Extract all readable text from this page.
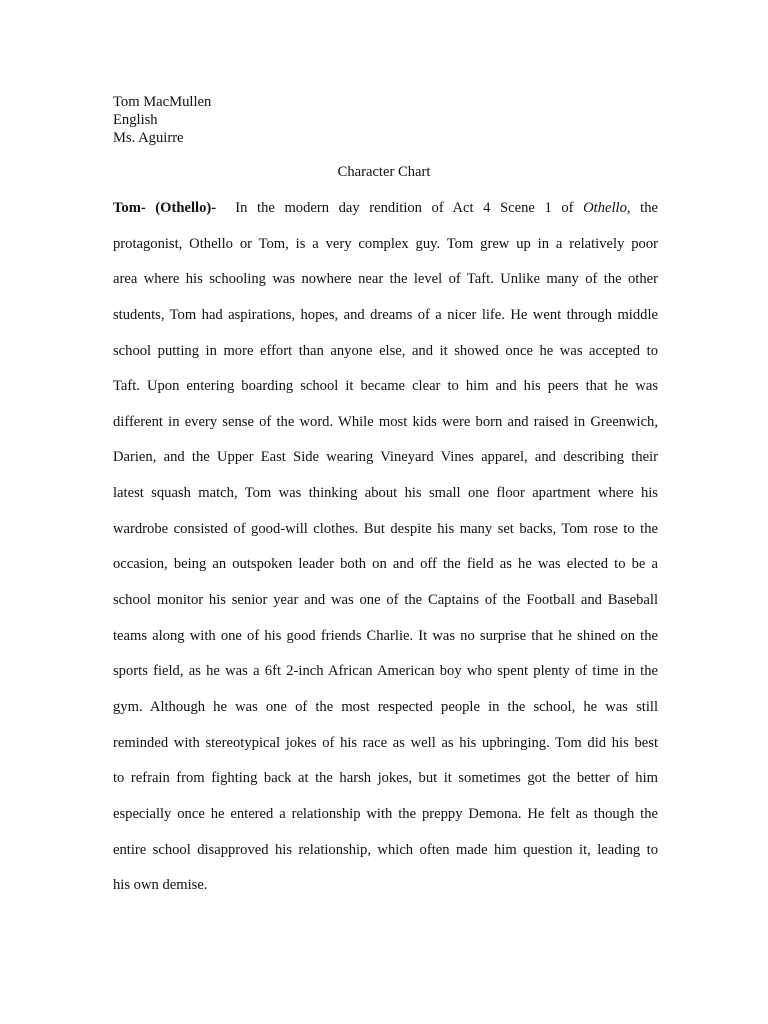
Tom MacMullen
English
Ms. Aguirre
Character Chart
Tom- (Othello)- In the modern day rendition of Act 4 Scene 1 of Othello, the
protagonist, Othello or Tom, is a very complex guy. Tom grew up in a relatively poor
area where his schooling was nowhere near the level of Taft. Unlike many of the other
students, Tom had aspirations, hopes, and dreams of a nicer life. He went through middle
school putting in more effort than anyone else, and it showed once he was accepted to
Taft. Upon entering boarding school it became clear to him and his peers that he was
different in every sense of the word. While most kids were born and raised in Greenwich,
Darien, and the Upper East Side wearing Vineyard Vines apparel, and describing their
latest squash match, Tom was thinking about his small one floor apartment where his
wardrobe consisted of good-will clothes. But despite his many set backs, Tom rose to the
occasion, being an outspoken leader both on and off the field as he was elected to be a
school monitor his senior year and was one of the Captains of the Football and Baseball
teams along with one of his good friends Charlie. It was no surprise that he shined on the
sports field, as he was a 6ft 2-inch African American boy who spent plenty of time in the
gym. Although he was one of the most respected people in the school, he was still
reminded with stereotypical jokes of his race as well as his upbringing. Tom did his best
to refrain from fighting back at the harsh jokes, but it sometimes got the better of him
especially once he entered a relationship with the preppy Demona. He felt as though the
entire school disapproved his relationship, which often made him question it, leading to
his own demise.
